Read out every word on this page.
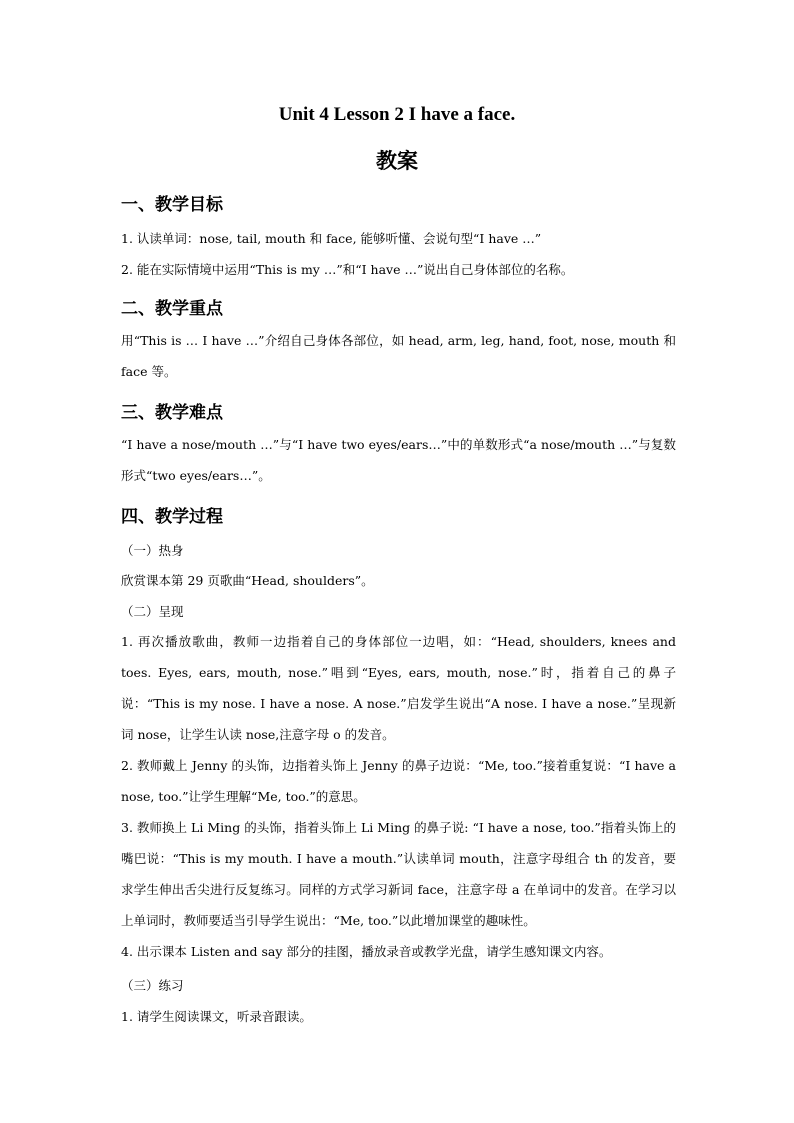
Unit 4 Lesson 2 I have a face.
教案
一、教学目标
1. 认读单词：nose, tail, mouth 和 face, 能够听懂、会说句型“I have …”
2. 能在实际情境中运用“This is my …”和“I have …”说出自己身体部位的名称。
二、教学重点
用“This is … I have …”介绍自己身体各部位，如 head, arm, leg, hand, foot, nose, mouth 和 face 等。
三、教学难点
“I have a nose/mouth …”与“I have two eyes/ears…”中的单数形式“a nose/mouth …”与复数形式“two eyes/ears…”。
四、教学过程
（一）热身
欣赏课本第 29 页歌曲“Head, shoulders”。
（二）呈现
1. 再次播放歌曲，教师一边指着自己的身体部位一边唱，如：“Head, shoulders, knees and toes. Eyes, ears, mouth, nose.”唱到“Eyes, ears, mouth, nose.”时，指着自己的鼻子说：“This is my nose. I have a nose. A nose.”启发学生说出“A nose. I have a nose.”呈现新词 nose，让学生认读 nose,注意字母 o 的发音。
2. 教师戴上 Jenny 的头饰，边指着头饰上 Jenny 的鼻子边说：“Me, too.”接着重复说：“I have a nose, too.”让学生理解“Me, too.”的意思。
3. 教师换上 Li Ming 的头饰，指着头饰上 Li Ming 的鼻子说: “I have a nose, too.”指着头饰上的嘴巴说：“This is my mouth. I have a mouth.”认读单词 mouth，注意字母组合 th 的发音，要求学生伸出舌尖进行反复练习。同样的方式学习新词 face，注意字母 a 在单词中的发音。在学习以上单词时，教师要适当引导学生说出：“Me, too.”以此增加课堂的趣味性。
4. 出示课本 Listen and say 部分的挂图，播放录音或教学光盘，请学生感知课文内容。
（三）练习
1. 请学生阅读课文，听录音跟读。
